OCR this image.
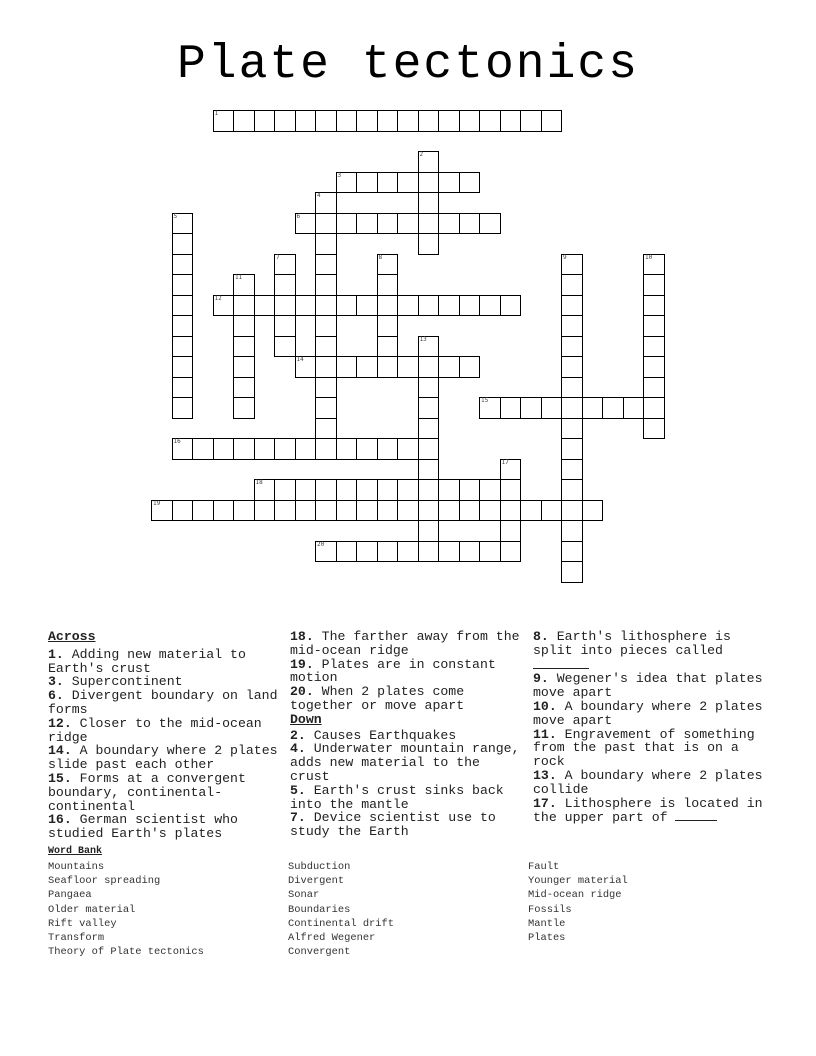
Plate tectonics
1
2
3
4
5	6
7	8	9	10
11
12
13
14
15
16
17
18
19
20
Across
1. Adding new material to Earth's crust
3. Supercontinent
6. Divergent boundary on land forms
12. Closer to the mid-ocean ridge
14. A boundary where 2 plates slide past each other
15. Forms at a convergent boundary, continental-continental
16. German scientist who studied Earth's plates
18. The farther away from the mid-ocean ridge
19. Plates are in constant motion
20. When 2 plates come together or move apart
Down
2. Causes Earthquakes
4. Underwater mountain range, adds new material to the crust
5. Earth's crust sinks back into the mantle
7. Device scientist use to study the Earth
8. Earth's lithosphere is split into pieces called

9. Wegener's idea that plates move apart
10. A boundary where 2 plates move apart
11. Engravement of something from the past that is on a rock
13. A boundary where 2 plates collide
17. Lithosphere is located in the upper part of
Word Bank
Mountains
Seafloor spreading
Pangaea
Older material
Rift valley
Transform
Theory of Plate tectonics
Subduction
Divergent
Sonar
Boundaries
Continental drift
Alfred Wegener
Convergent
Fault
Younger material
Mid-ocean ridge
Fossils
Mantle
Plates
